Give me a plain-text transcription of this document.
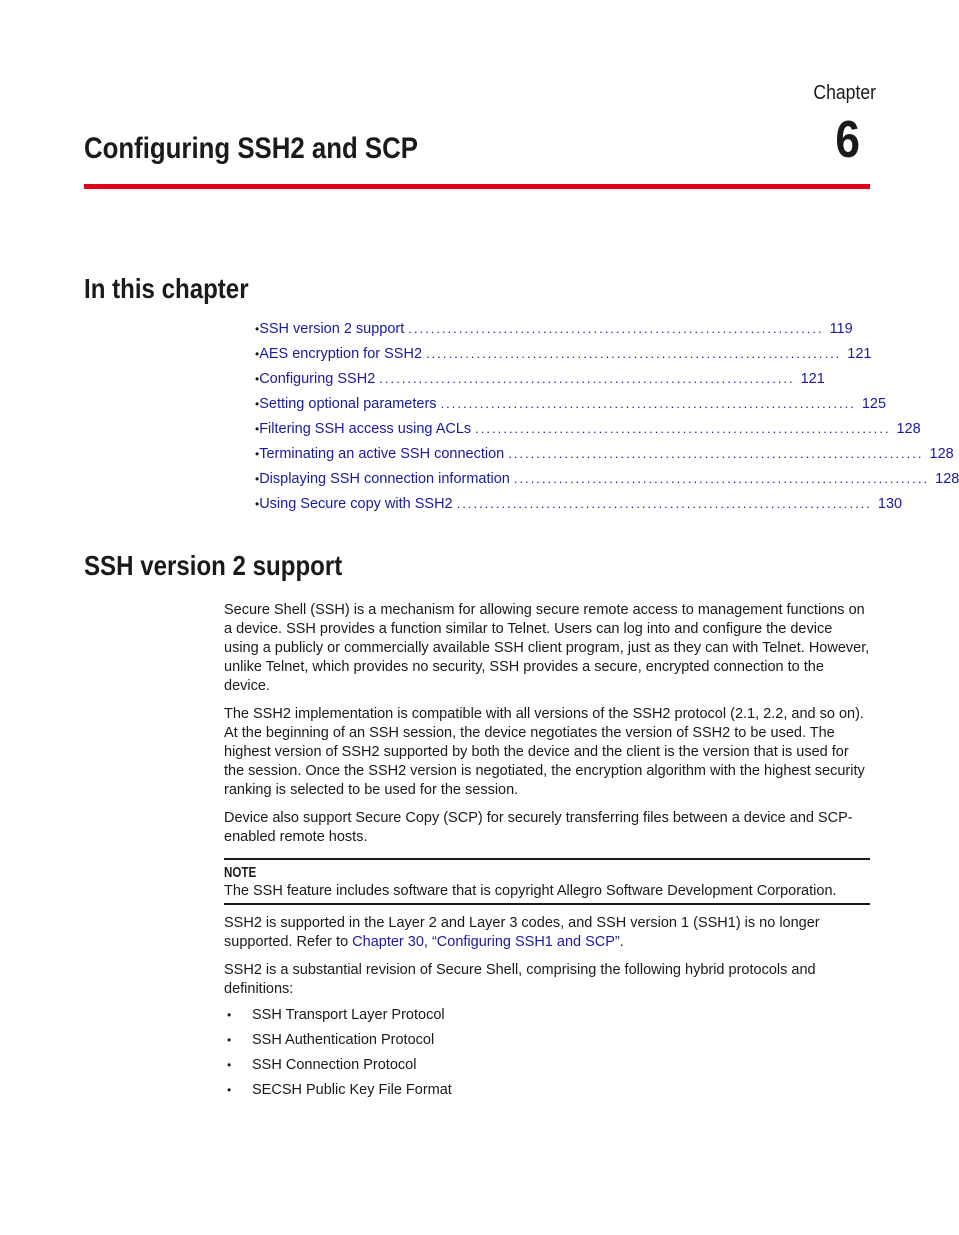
Chapter
6
Configuring SSH2 and SCP
In this chapter
• SSH version 2 support .......................................................................... 119
• AES encryption for SSH2 .......................................................................... 121
• Configuring SSH2 .......................................................................... 121
• Setting optional parameters .......................................................................... 125
• Filtering SSH access using ACLs .......................................................................... 128
• Terminating an active SSH connection .......................................................................... 128
• Displaying SSH connection information .......................................................................... 128
• Using Secure copy with SSH2 .......................................................................... 130
SSH version 2 support

Secure Shell (SSH) is a mechanism for allowing secure remote access to management functions on a device. SSH provides a function similar to Telnet. Users can log into and configure the device using a publicly or commercially available SSH client program, just as they can with Telnet. However, unlike Telnet, which provides no security, SSH provides a secure, encrypted connection to the device.

The SSH2 implementation is compatible with all versions of the SSH2 protocol (2.1, 2.2, and so on). At the beginning of an SSH session, the device negotiates the version of SSH2 to be used. The highest version of SSH2 supported by both the device and the client is the version that is used for the session. Once the SSH2 version is negotiated, the encryption algorithm with the highest security ranking is selected to be used for the session.

Device also support Secure Copy (SCP) for securely transferring files between a device and SCP-enabled remote hosts.

NOTE
The SSH feature includes software that is copyright Allegro Software Development Corporation.

SSH2 is supported in the Layer 2 and Layer 3 codes, and SSH version 1 (SSH1) is no longer supported. Refer to Chapter 30, “Configuring SSH1 and SCP”.

SSH2 is a substantial revision of Secure Shell, comprising the following hybrid protocols and definitions:

•	SSH Transport Layer Protocol
•	SSH Authentication Protocol
•	SSH Connection Protocol
•	SECSH Public Key File Format
